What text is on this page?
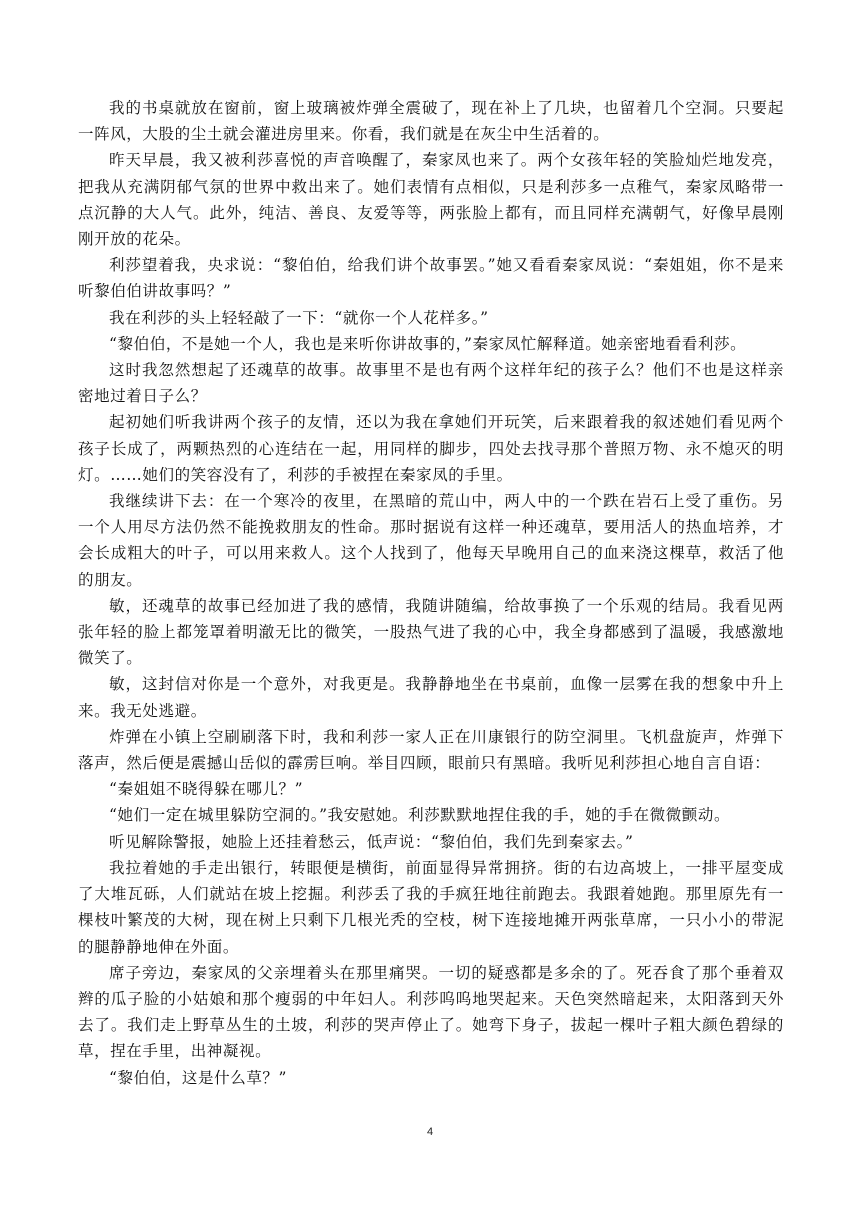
我的书桌就放在窗前，窗上玻璃被炸弹全震破了，现在补上了几块，也留着几个空洞。只要起一阵风，大股的尘土就会灌进房里来。你看，我们就是在灰尘中生活着的。

昨天早晨，我又被利莎喜悦的声音唤醒了，秦家凤也来了。两个女孩年轻的笑脸灿烂地发亮，把我从充满阴郁气氛的世界中救出来了。她们表情有点相似，只是利莎多一点稚气，秦家凤略带一点沉静的大人气。此外，纯洁、善良、友爱等等，两张脸上都有，而且同样充满朝气，好像早晨刚刚开放的花朵。

利莎望着我，央求说：“黎伯伯，给我们讲个故事罢。”她又看看秦家凤说：“秦姐姐，你不是来听黎伯伯讲故事吗？”

我在利莎的头上轻轻敲了一下：“就你一个人花样多。”

“黎伯伯，不是她一个人，我也是来听你讲故事的，”秦家凤忙解释道。她亲密地看看利莎。

这时我忽然想起了还魂草的故事。故事里不是也有两个这样年纪的孩子么？他们不也是这样亲密地过着日子么？

起初她们听我讲两个孩子的友情，还以为我在拿她们开玩笑，后来跟着我的叙述她们看见两个孩子长成了，两颗热烈的心连结在一起，用同样的脚步，四处去找寻那个普照万物、永不熄灭的明灯。……她们的笑容没有了，利莎的手被捏在秦家凤的手里。

我继续讲下去：在一个寒冷的夜里，在黑暗的荒山中，两人中的一个跌在岩石上受了重伤。另一个人用尽方法仍然不能挽救朋友的性命。那时据说有这样一种还魂草，要用活人的热血培养，才会长成粗大的叶子，可以用来救人。这个人找到了，他每天早晚用自己的血来浇这棵草，救活了他的朋友。

敏，还魂草的故事已经加进了我的感情，我随讲随编，给故事换了一个乐观的结局。我看见两张年轻的脸上都笼罩着明澈无比的微笑，一股热气进了我的心中，我全身都感到了温暖，我感激地微笑了。

敏，这封信对你是一个意外，对我更是。我静静地坐在书桌前，血像一层雾在我的想象中升上来。我无处逃避。

炸弹在小镇上空刷刷落下时，我和利莎一家人正在川康银行的防空洞里。飞机盘旋声，炸弹下落声，然后便是震撼山岳似的霹雳巨响。举目四顾，眼前只有黑暗。我听见利莎担心地自言自语：

“秦姐姐不晓得躲在哪儿？”

“她们一定在城里躲防空洞的。”我安慰她。利莎默默地捏住我的手，她的手在微微颤动。

听见解除警报，她脸上还挂着愁云，低声说：“黎伯伯，我们先到秦家去。”

我拉着她的手走出银行，转眼便是横街，前面显得异常拥挤。街的右边高坡上，一排平屋变成了大堆瓦砾，人们就站在坡上挖掘。利莎丢了我的手疯狂地往前跑去。我跟着她跑。那里原先有一棵枝叶繁茂的大树，现在树上只剩下几根光秃的空枝，树下连接地摊开两张草席，一只小小的带泥的腿静静地伸在外面。

席子旁边，秦家凤的父亲埋着头在那里痛哭。一切的疑惑都是多余的了。死吞食了那个垂着双辫的瓜子脸的小姑娘和那个瘦弱的中年妇人。利莎呜呜地哭起来。天色突然暗起来，太阳落到天外去了。我们走上野草丛生的土坡，利莎的哭声停止了。她弯下身子，拔起一棵叶子粗大颜色碧绿的草，捏在手里，出神凝视。

“黎伯伯，这是什么草？”

4
